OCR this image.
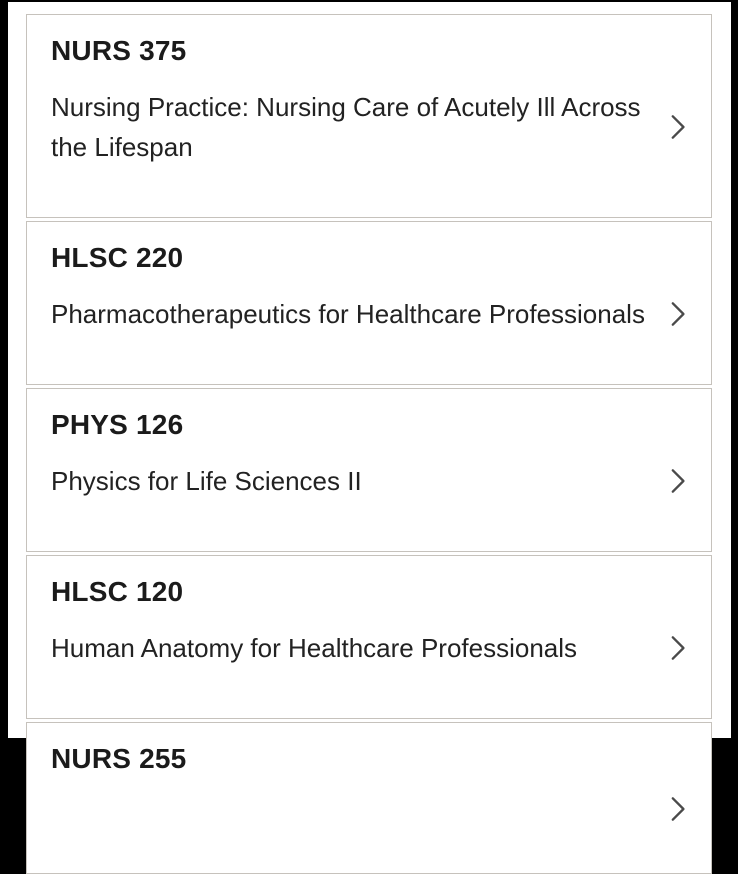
NURS 375
Nursing Practice: Nursing Care of Acutely Ill Across the Lifespan
HLSC 220
Pharmacotherapeutics for Healthcare Professionals
PHYS 126
Physics for Life Sciences II
HLSC 120
Human Anatomy for Healthcare Professionals
NURS 255
